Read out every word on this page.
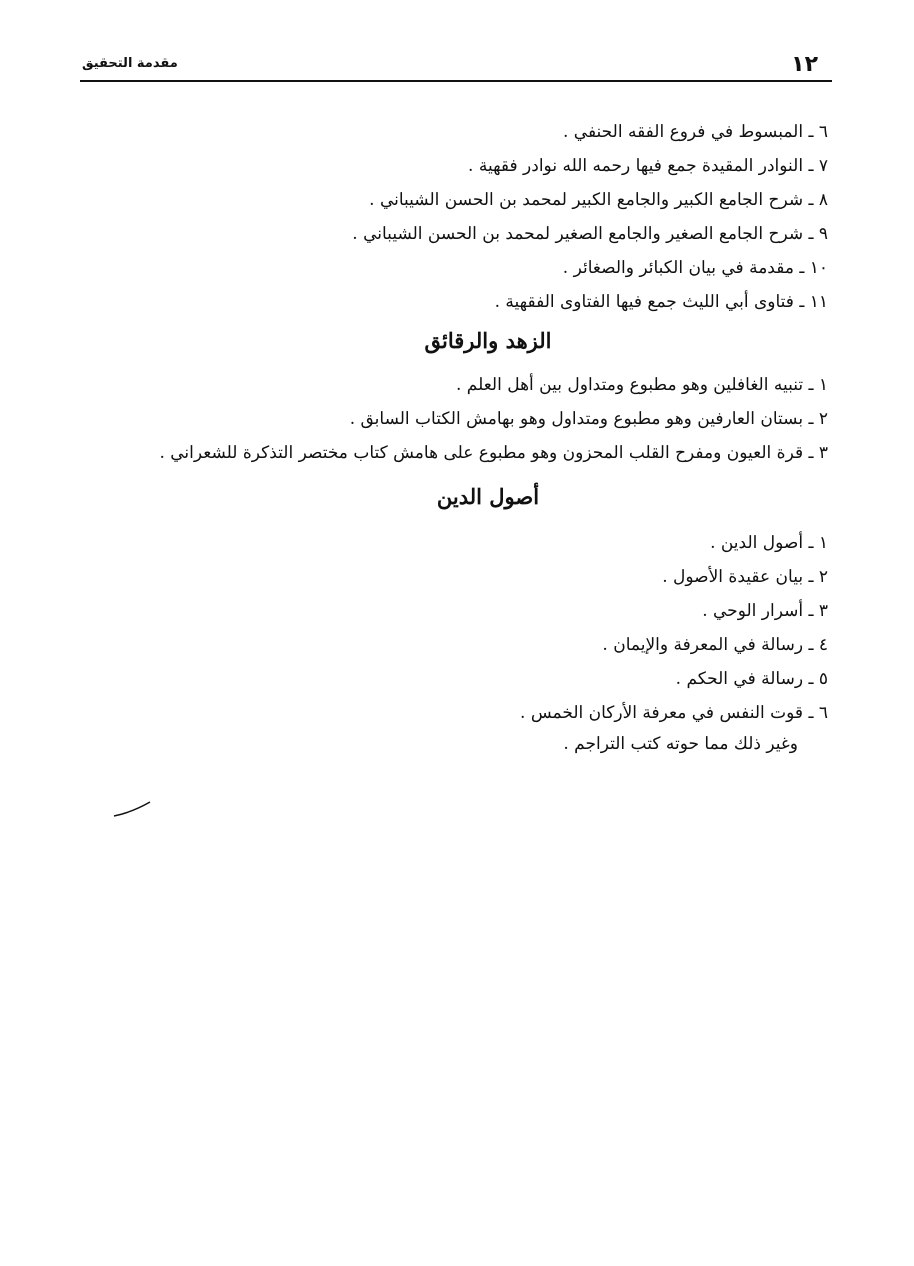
١٢
مقدمة التحقيق
٦ ـ المبسوط في فروع الفقه الحنفي .
٧ ـ النوادر المقيدة جمع فيها رحمه الله نوادر فقهية .
٨ ـ شرح الجامع الكبير والجامع الكبير لمحمد بن الحسن الشيباني .
٩ ـ شرح الجامع الصغير والجامع الصغير لمحمد بن الحسن الشيباني .
١٠ ـ مقدمة في بيان الكبائر والصغائر .
١١ ـ فتاوى أبي الليث جمع فيها الفتاوى الفقهية .
الزهد والرقائق
١ ـ تنبيه الغافلين وهو مطبوع ومتداول بين أهل العلم .
٢ ـ بستان العارفين وهو مطبوع ومتداول وهو بهامش الكتاب السابق .
٣ ـ قرة العيون ومفرح القلب المحزون وهو مطبوع على هامش كتاب مختصر التذكرة للشعراني .
أصول الدين
١ ـ أصول الدين .
٢ ـ بيان عقيدة الأصول .
٣ ـ أسرار الوحي .
٤ ـ رسالة في المعرفة والإيمان .
٥ ـ رسالة في الحكم .
٦ ـ قوت النفس في معرفة الأركان الخمس .
وغير ذلك مما حوته كتب التراجم .
